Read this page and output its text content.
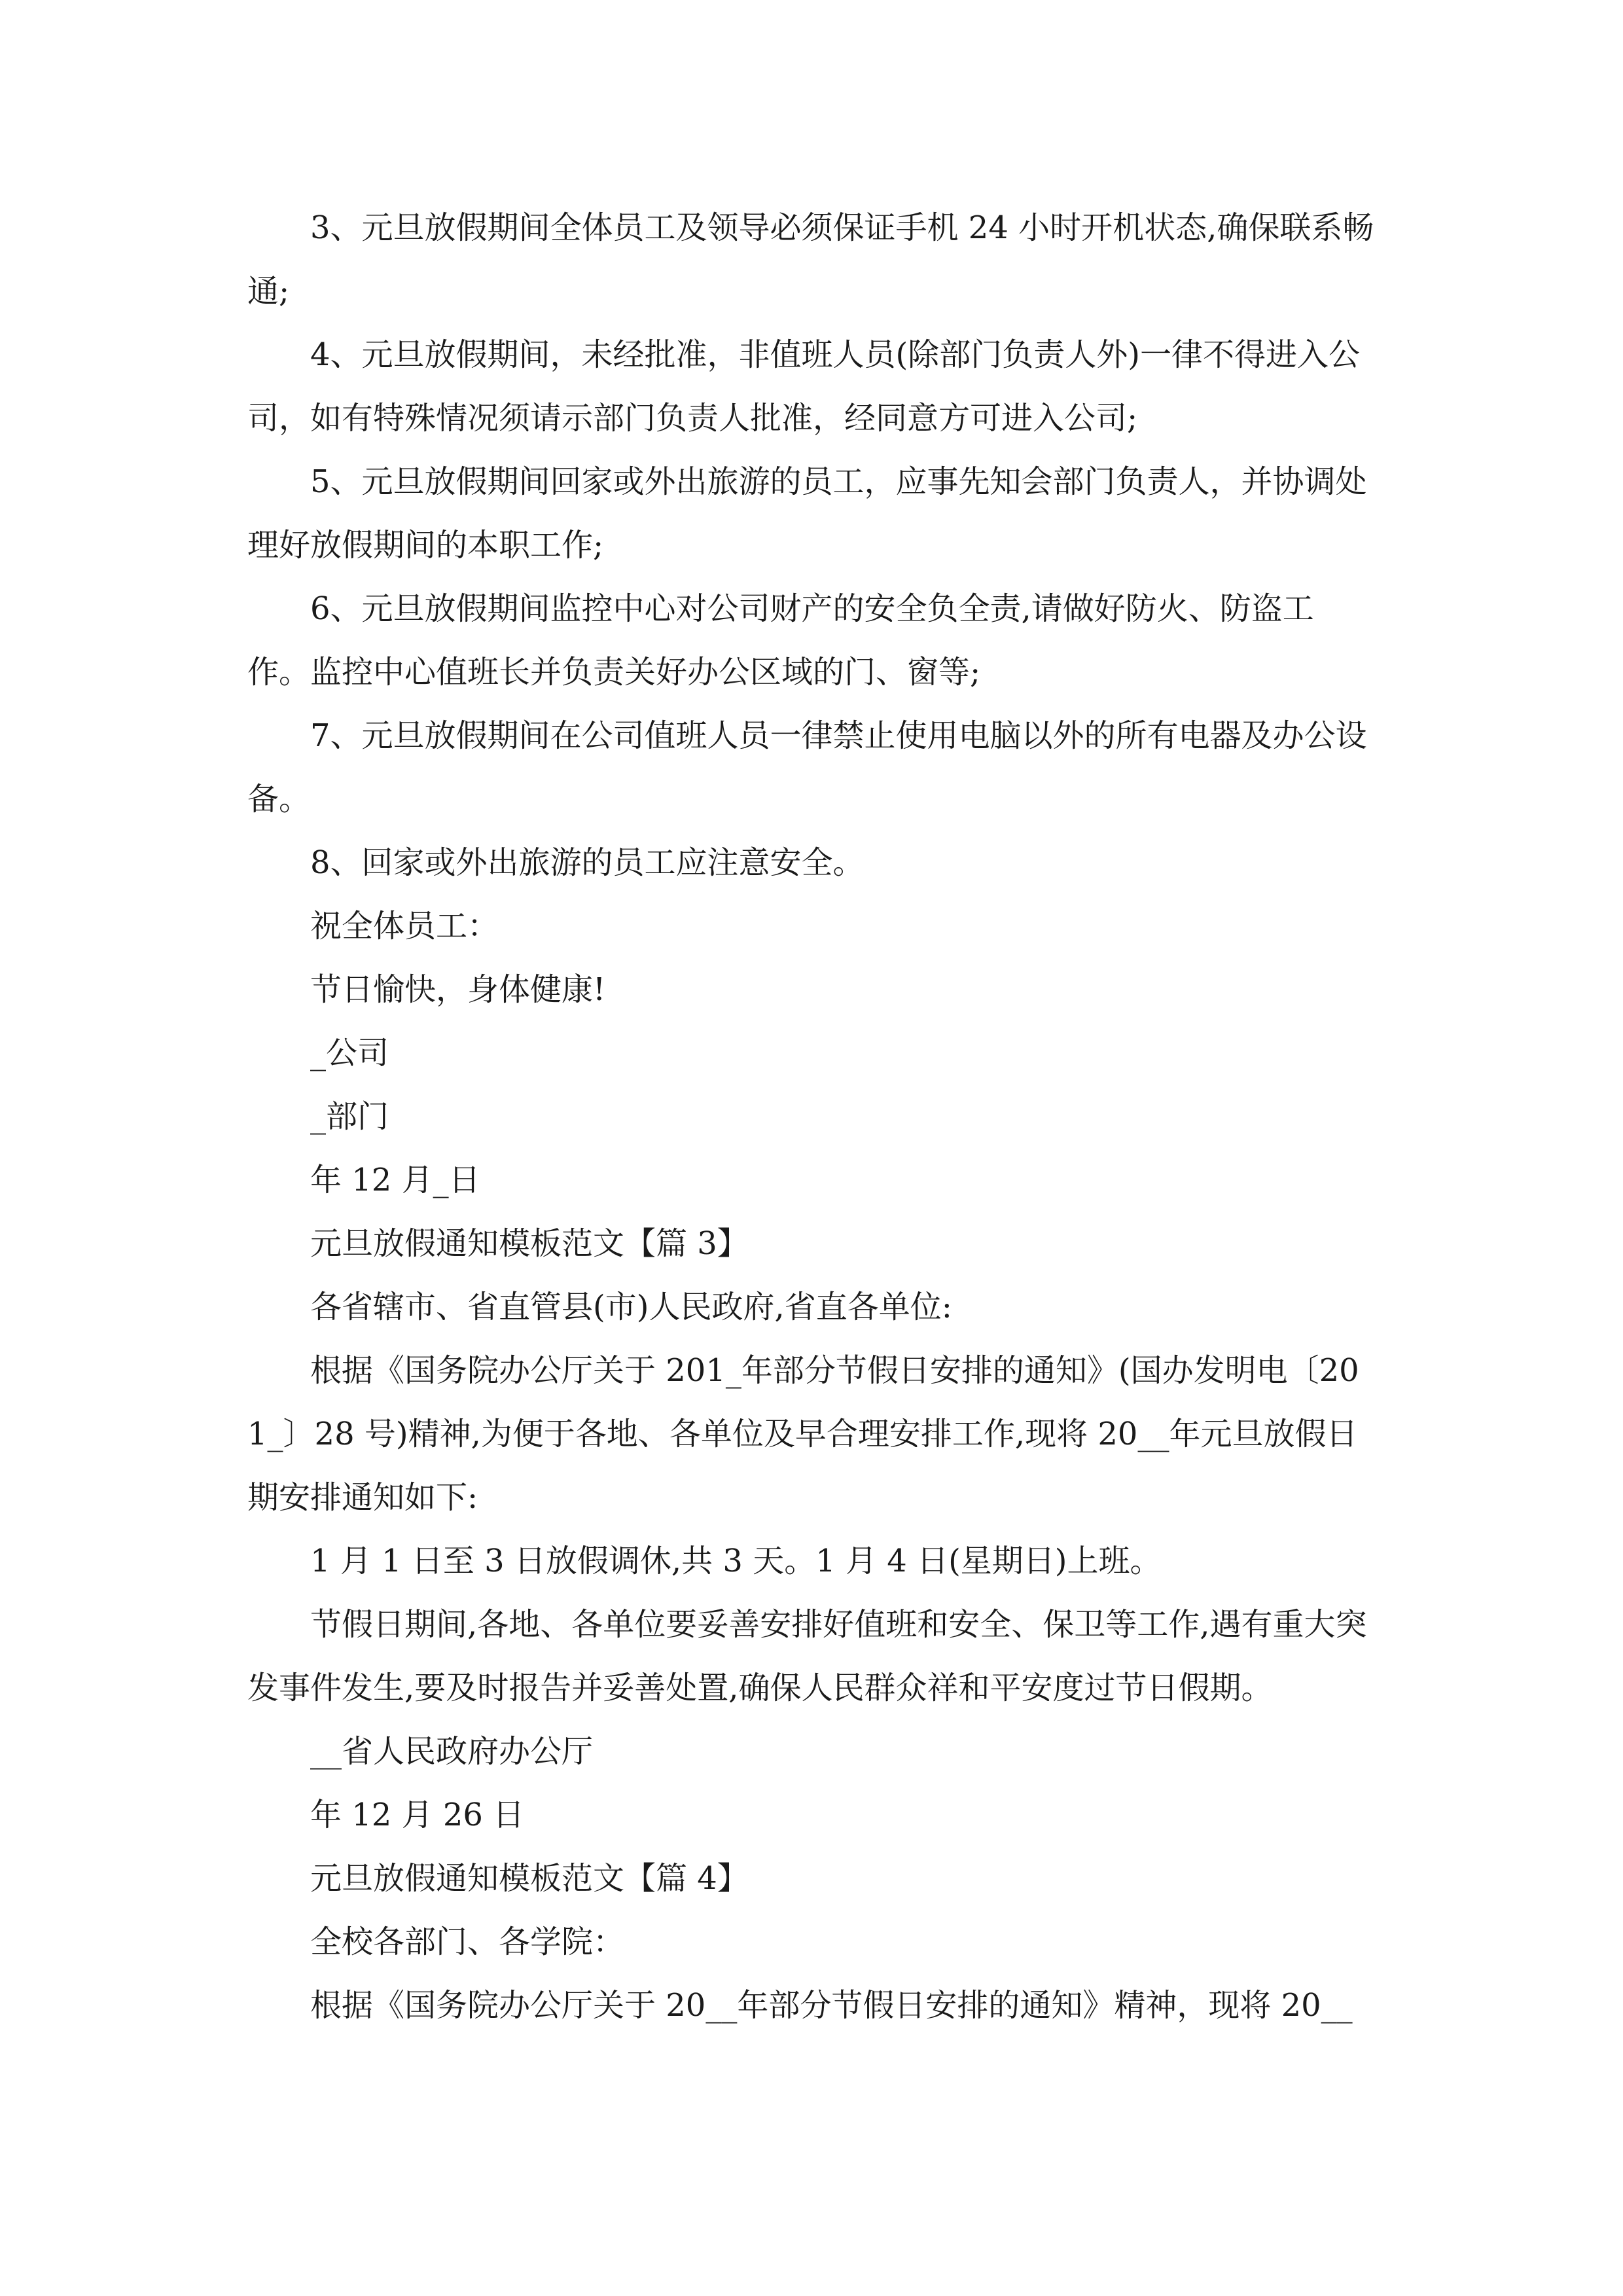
3、元旦放假期间全体员工及领导必须保证手机 24 小时开机状态,确保联系畅通;

4、元旦放假期间，未经批准，非值班人员(除部门负责人外)一律不得进入公司，如有特殊情况须请示部门负责人批准，经同意方可进入公司;

5、元旦放假期间回家或外出旅游的员工，应事先知会部门负责人，并协调处理好放假期间的本职工作;

6、元旦放假期间监控中心对公司财产的安全负全责,请做好防火、防盗工作。监控中心值班长并负责关好办公区域的门、窗等;

7、元旦放假期间在公司值班人员一律禁止使用电脑以外的所有电器及办公设备。

8、回家或外出旅游的员工应注意安全。

祝全体员工：

节日愉快，身体健康!

_公司

_部门

年 12 月_日

元旦放假通知模板范文【篇 3】

各省辖市、省直管县(市)人民政府,省直各单位:

根据《国务院办公厅关于 201_年部分节假日安排的通知》(国办发明电〔201_〕28 号)精神,为便于各地、各单位及早合理安排工作,现将 20__年元旦放假日期安排通知如下:

1 月 1 日至 3 日放假调休,共 3 天。1 月 4 日(星期日)上班。

节假日期间,各地、各单位要妥善安排好值班和安全、保卫等工作,遇有重大突发事件发生,要及时报告并妥善处置,确保人民群众祥和平安度过节日假期。

__省人民政府办公厅

年 12 月 26 日

元旦放假通知模板范文【篇 4】

全校各部门、各学院：

根据《国务院办公厅关于 20__年部分节假日安排的通知》精神，现将 20__
